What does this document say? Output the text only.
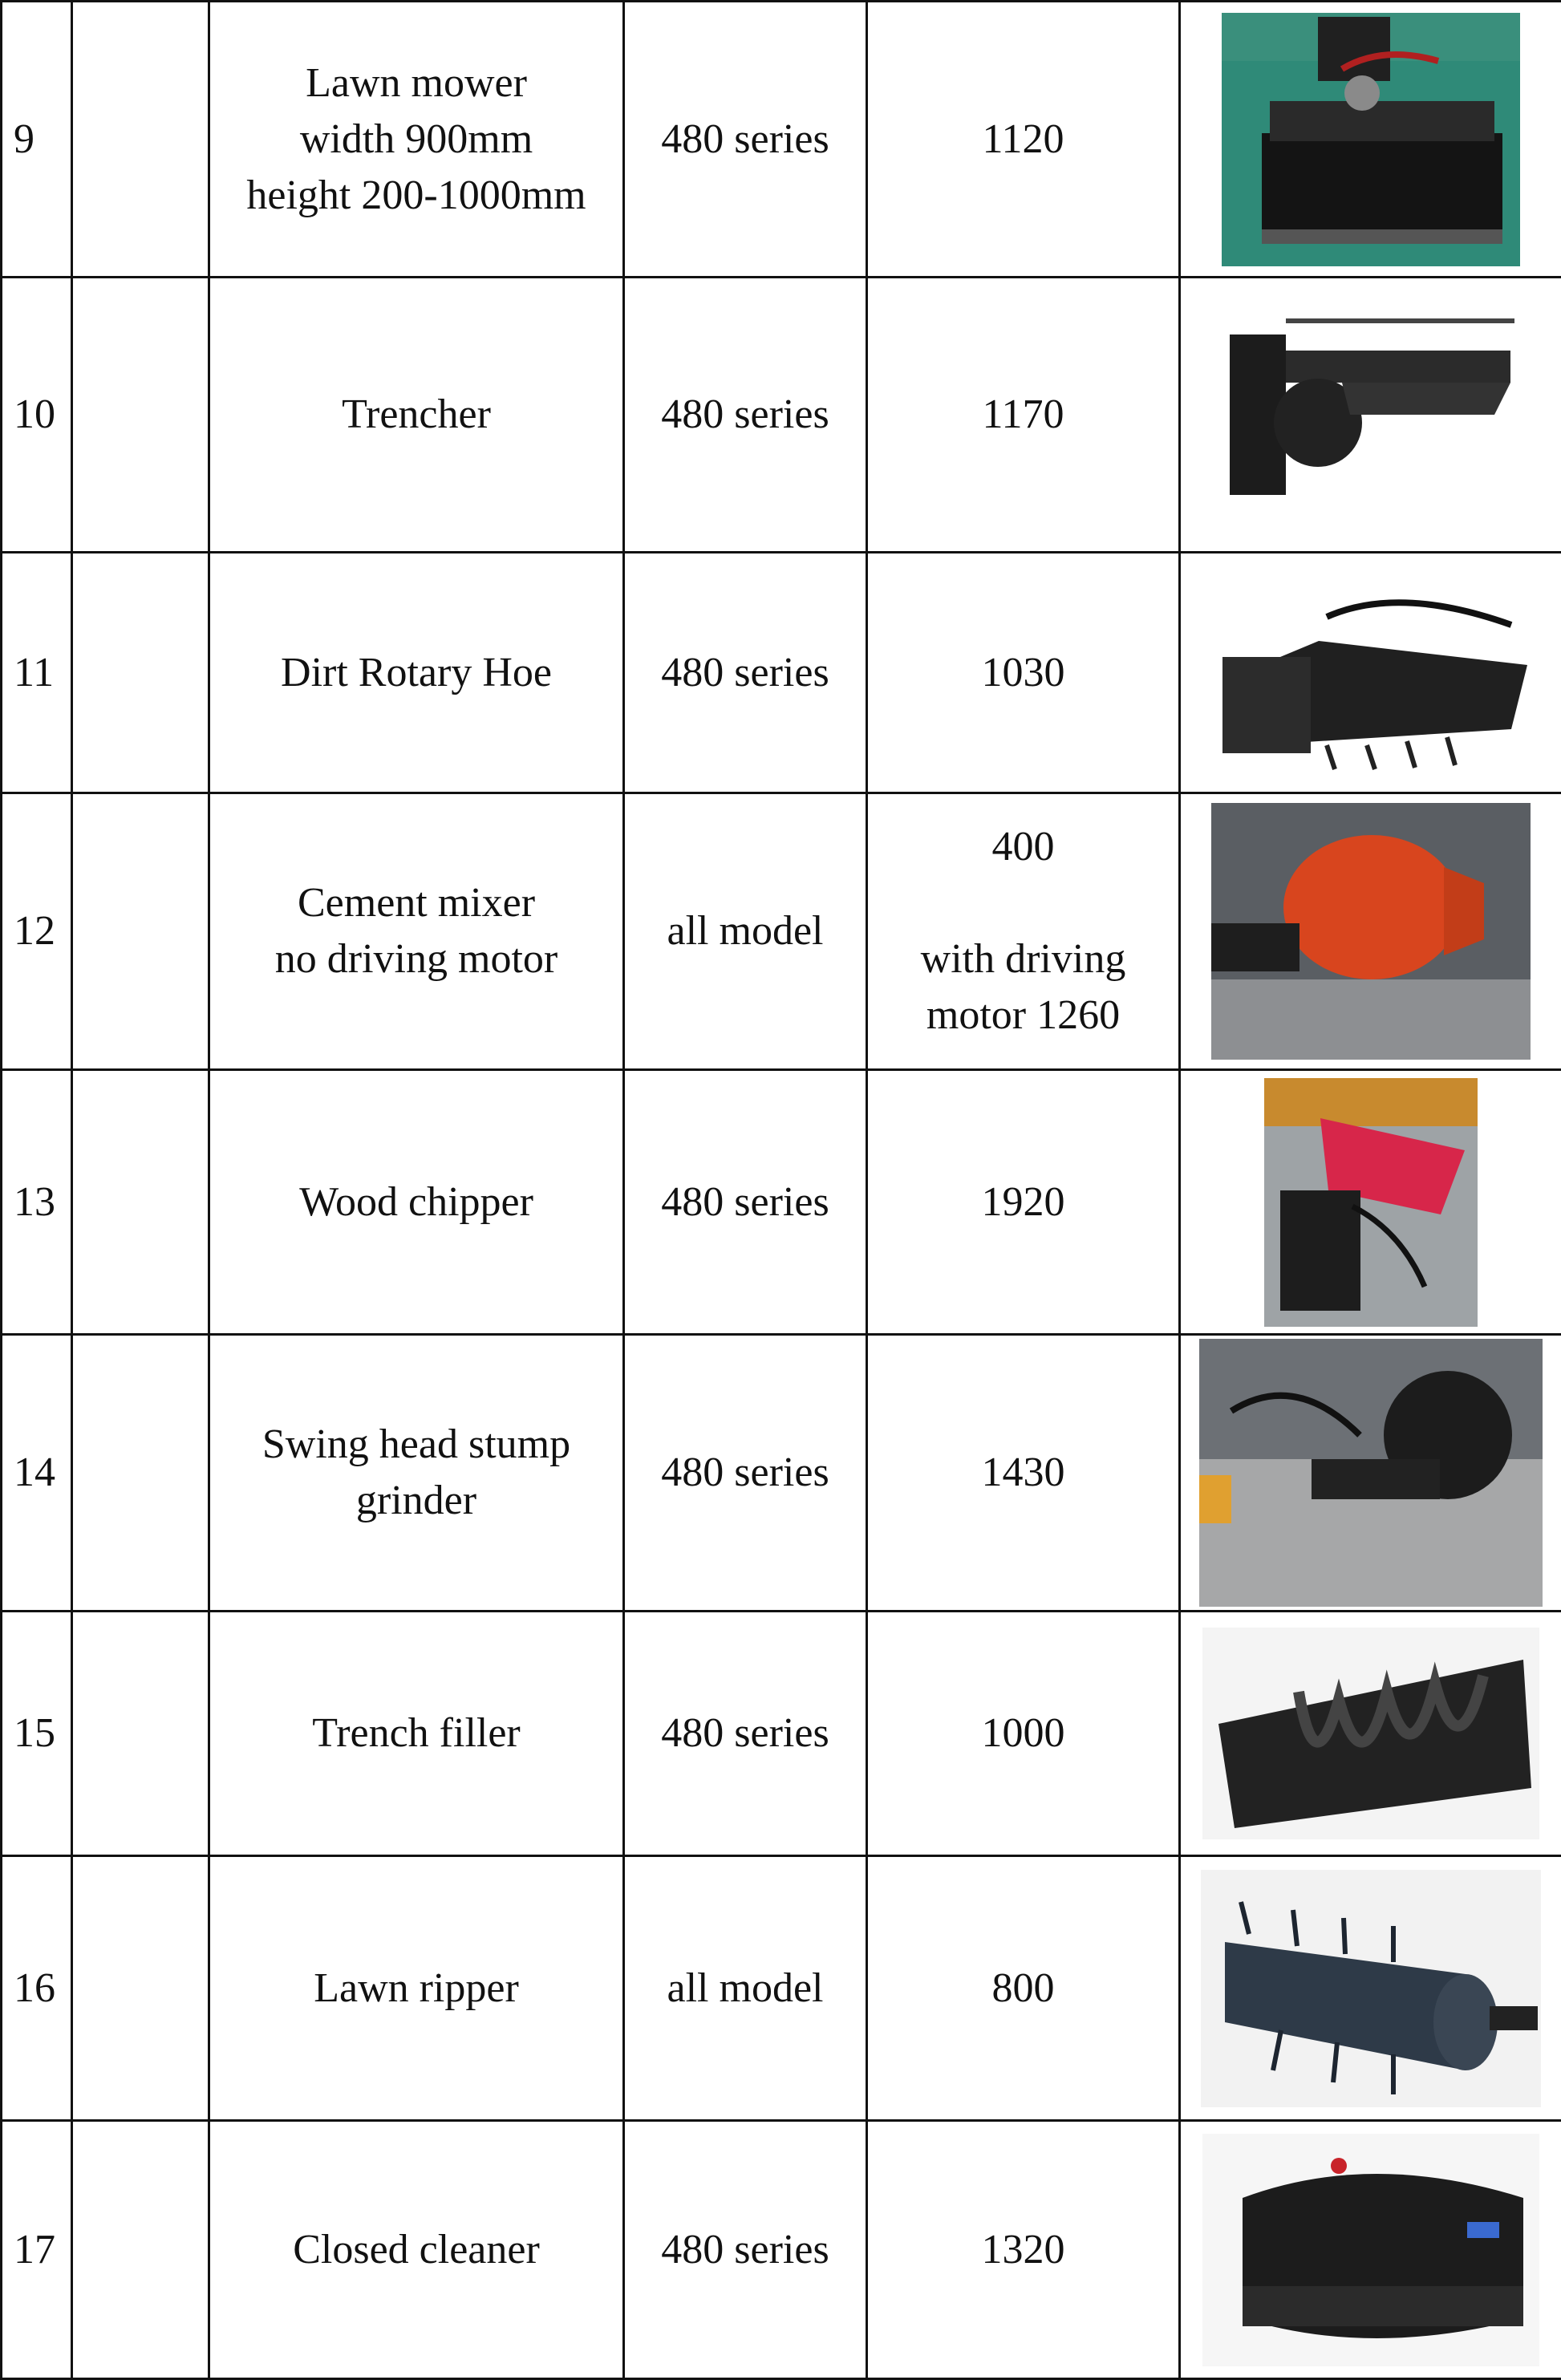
9		Lawn mower
width 900mm
height 200-1000mm	480 series	1120

10		Trencher	480 series	1170

11		Dirt Rotary Hoe	480 series	1030

12		Cement mixer
no driving motor	all model	400
with driving
motor 1260

13		Wood chipper	480 series	1920

14		Swing head stump
grinder	480 series	1430

15		Trench filler	480 series	1000

16		Lawn ripper	all model	800

17		Closed cleaner	480 series	1320
